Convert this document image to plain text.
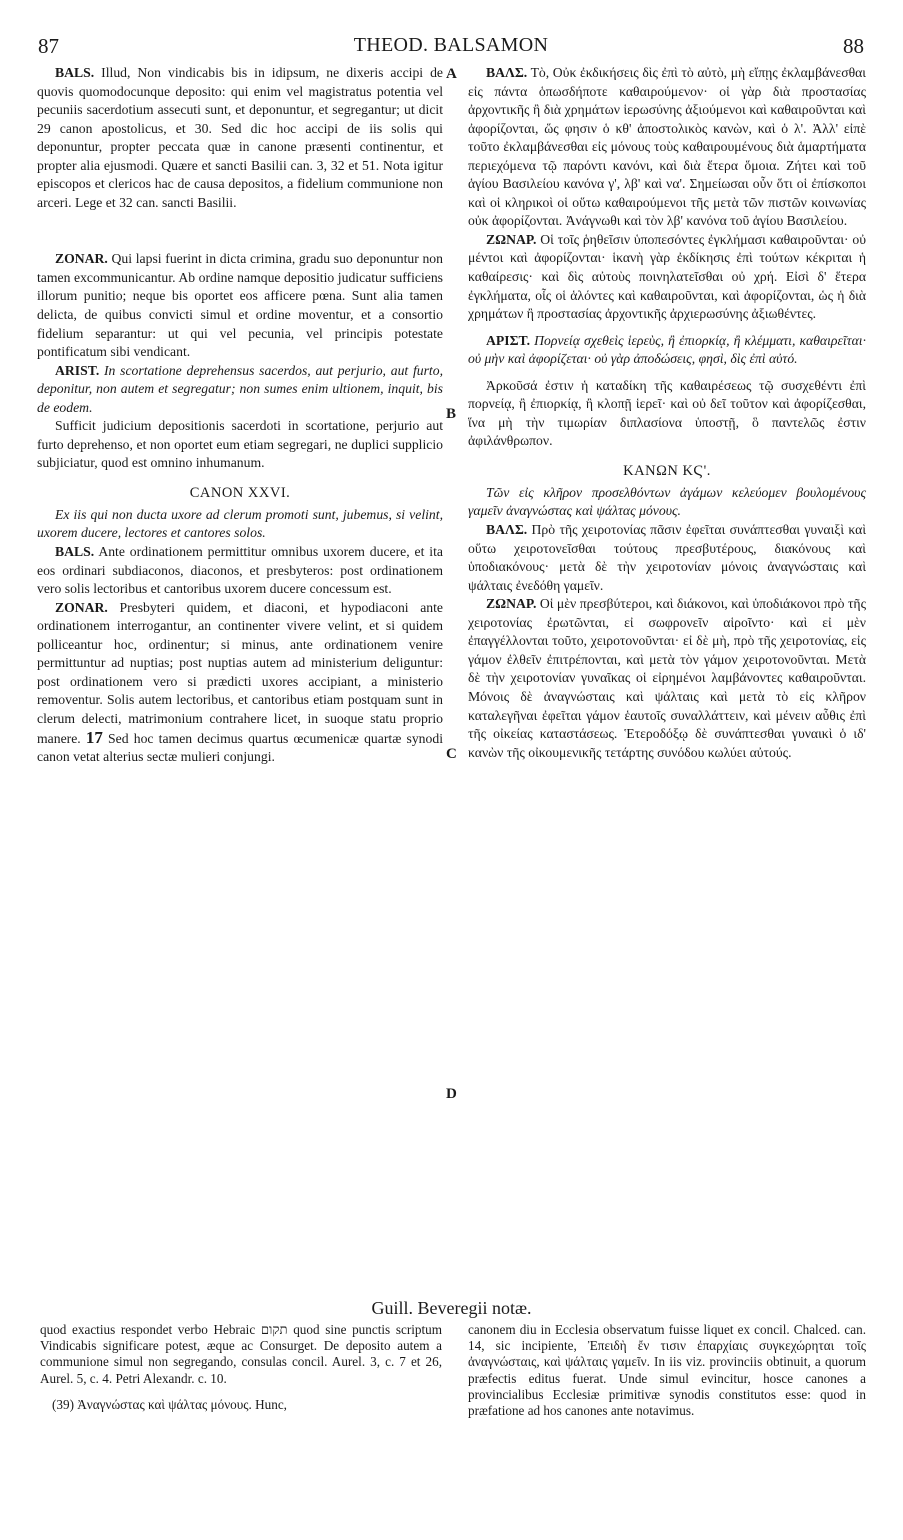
87	THEOD. BALSAMON	88
A
B
C
D

BALS. Illud, Non vindicabis bis in idipsum, ne dixeris accipi de quovis quomodocunque deposito: qui enim vel magistratus potentia vel pecuniis sacerdotium assecuti sunt, et deponuntur, et segregantur; ut dicit 29 canon apostolicus, et 30. Sed dic hoc accipi de iis solis qui deponuntur, propter peccata quæ in canone præsenti continentur, et propter alia ejusmodi. Quære et sancti Basilii can. 3, 32 et 51. Nota igitur episcopos et clericos hac de causa depositos, a fidelium communione non arceri. Lege et 32 can. sancti Basilii.

ZONAR. Qui lapsi fuerint in dicta crimina, gradu suo deponuntur non tamen excommunicantur. Ab ordine namque depositio judicatur sufficiens illorum punitio; neque bis oportet eos afficere pœna. Sunt alia tamen delicta, de quibus convicti simul et ordine moventur, et a consortio fidelium separantur: ut qui vel pecunia, vel principis potestate pontificatum sibi vendicant.

ARIST. In scortatione deprehensus sacerdos, aut perjurio, aut furto, deponitur, non autem et segregatur; non sumes enim ultionem, inquit, bis de eodem.

Sufficit judicium depositionis sacerdoti in scortatione, perjurio aut furto deprehenso, et non oportet eum etiam segregari, ne duplici supplicio subjiciatur, quod est omnino inhumanum.

CANON XXVI.

Ex iis qui non ducta uxore ad clerum promoti sunt, jubemus, si velint, uxorem ducere, lectores et cantores solos.

BALS. Ante ordinationem permittitur omnibus uxorem ducere, et ita eos ordinari subdiaconos, diaconos, et presbyteros: post ordinationem vero solis lectoribus et cantoribus uxorem ducere concessum est.

ZONAR. Presbyteri quidem, et diaconi, et hypodiaconi ante ordinationem interrogantur, an continenter vivere velint, et si quidem polliceantur hoc, ordinentur; si minus, ante ordinationem venire permittuntur ad nuptias; post nuptias autem ad ministerium deliguntur: post ordinationem vero si prædicti uxores accipiant, a ministerio removentur. Solis autem lectoribus, et cantoribus etiam postquam sunt in clerum delecti, matrimonium contrahere licet, in suoque statu proprio manere. 17 Sed hoc tamen decimus quartus œcumenicæ quartæ synodi canon vetat alterius sectæ mulieri conjungi.

ΒΑΛΣ. Τὸ, Οὐκ ἐκδικήσεις δὶς ἐπὶ τὸ αὐτὸ, μὴ εἴπῃς ἐκλαμβάνεσθαι εἰς πάντα ὁπωσδήποτε καθαιρούμενον· οἱ γὰρ διὰ προστασίας ἀρχοντικῆς ἢ διὰ χρημάτων ἱερωσύνης ἀξιούμενοι καὶ καθαιροῦνται καὶ ἀφορίζονται, ὥς φησιν ὁ κθ' ἀποστολικὸς κανὼν, καὶ ὁ λ'. Ἀλλ' εἰπὲ τοῦτο ἐκλαμβάνεσθαι εἰς μόνους τοὺς καθαιρουμένους διὰ ἁμαρτήματα περιεχόμενα τῷ παρόντι κανόνι, καὶ διὰ ἕτερα ὅμοια. Ζήτει καὶ τοῦ ἁγίου Βασιλείου κανόνα γ', λβ' καὶ να'. Σημείωσαι οὖν ὅτι οἱ ἐπίσκοποι καὶ οἱ κληρικοὶ οἱ οὕτω καθαιρούμενοι τῆς μετὰ τῶν πιστῶν κοινωνίας οὐκ ἀφορίζονται. Ἀνάγνωθι καὶ τὸν λβ' κανόνα τοῦ ἁγίου Βασιλείου.

ΖΩΝΑΡ. Οἱ τοῖς ῥηθεῖσιν ὑποπεσόντες ἐγκλήμασι καθαιροῦνται· οὐ μέντοι καὶ ἀφορίζονται· ἱκανὴ γὰρ ἐκδίκησις ἐπὶ τούτων κέκριται ἡ καθαίρεσις· καὶ δὶς αὐτοὺς ποινηλατεῖσθαι οὐ χρή. Εἰσὶ δ' ἕτερα ἐγκλήματα, οἷς οἱ ἁλόντες καὶ καθαιροῦνται, καὶ ἀφορίζονται, ὡς ἡ διὰ χρημάτων ἢ προστασίας ἀρχοντικῆς ἀρχιερωσύνης ἀξιωθέντες.

ΑΡΙΣΤ. Πορνείᾳ σχεθεὶς ἱερεὺς, ἢ ἐπιορκίᾳ, ἢ κλέμματι, καθαιρεῖται· οὐ μὴν καὶ ἀφορίζεται· οὐ γὰρ ἀποδώσεις, φησὶ, δὶς ἐπὶ αὐτό.

Ἀρκοῦσά ἐστιν ἡ καταδίκη τῆς καθαιρέσεως τῷ συσχεθέντι ἐπὶ πορνείᾳ, ἢ ἐπιορκίᾳ, ἢ κλοπῇ ἱερεῖ· καὶ οὐ δεῖ τοῦτον καὶ ἀφορίζεσθαι, ἵνα μὴ τὴν τιμωρίαν διπλασίονα ὑποστῇ, ὃ παντελῶς ἐστιν ἀφιλάνθρωπον.

ΚΑΝΩΝ ΚϚ'.

Τῶν εἰς κλῆρον προσελθόντων ἀγάμων κελεύομεν βουλομένους γαμεῖν ἀναγνώστας καὶ ψάλτας μόνους.

ΒΑΛΣ. Πρὸ τῆς χειροτονίας πᾶσιν ἐφεῖται συνάπτεσθαι γυναιξὶ καὶ οὕτω χειροτονεῖσθαι τούτους πρεσβυτέρους, διακόνους καὶ ὑποδιακόνους· μετὰ δὲ τὴν χειροτονίαν μόνοις ἀναγνώσταις καὶ ψάλταις ἐνεδόθη γαμεῖν.

ΖΩΝΑΡ. Οἱ μὲν πρεσβύτεροι, καὶ διάκονοι, καὶ ὑποδιάκονοι πρὸ τῆς χειροτονίας ἐρωτῶνται, εἰ σωφρονεῖν αἱροῖντο· καὶ εἰ μὲν ἐπαγγέλλονται τοῦτο, χειροτονοῦνται· εἰ δὲ μὴ, πρὸ τῆς χειροτονίας, εἰς γάμον ἐλθεῖν ἐπιτρέπονται, καὶ μετὰ τὸν γάμον χειροτονοῦνται. Μετὰ δὲ τὴν χειροτονίαν γυναῖκας οἱ εἰρημένοι λαμβάνοντες καθαιροῦνται. Μόνοις δὲ ἀναγνώσταις καὶ ψάλταις καὶ μετὰ τὸ εἰς κλῆρον καταλεγῆναι ἐφεῖται γάμον ἑαυτοῖς συναλλάττειν, καὶ μένειν αὖθις ἐπὶ τῆς οἰκείας καταστάσεως. Ἑτεροδόξῳ δὲ συνάπτεσθαι γυναικὶ ὁ ιδ' κανὼν τῆς οἰκουμενικῆς τετάρτης συνόδου κωλύει αὐτούς.

Guill. Beveregii notæ.

quod exactius respondet verbo Hebraic תקום quod sine punctis scriptum Vindicabis significare potest, æque ac Consurget. De deposito autem a communione simul non segregando, consulas concil. Aurel. 3, c. 7 et 26, Aurel. 5, c. 4. Petri Alexandr. c. 10.

(39) Ἀναγνώστας καὶ ψάλτας μόνους. Hunc,

canonem diu in Ecclesia observatum fuisse liquet ex concil. Chalced. can. 14, sic incipiente, Ἐπειδὴ ἔν τισιν ἐπαρχίαις συγκεχώρηται τοῖς ἀναγνώσταις, καὶ ψάλταις γαμεῖν. In iis viz. provinciis obtinuit, a quorum præfectis editus fuerat. Unde simul evincitur, hosce canones a provincialibus Ecclesiæ primitivæ synodis constitutos esse: quod in præfatione ad hos canones ante notavimus.
